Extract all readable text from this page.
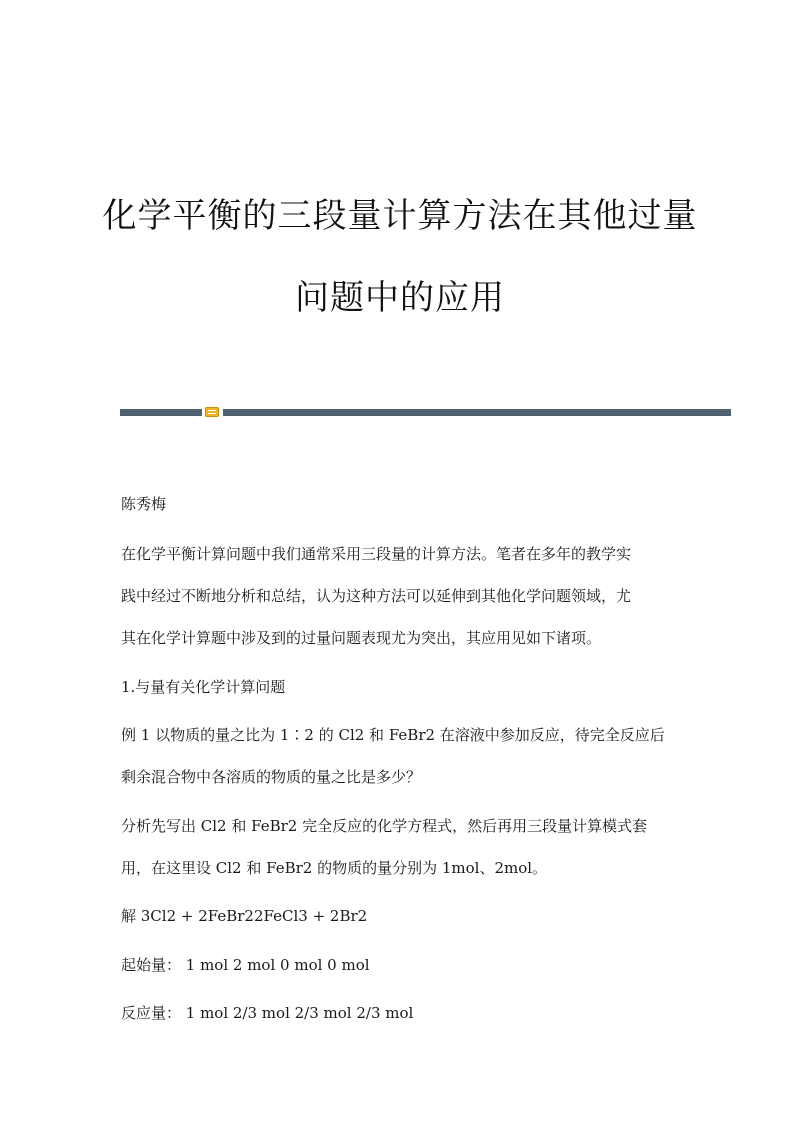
化学平衡的三段量计算方法在其他过量
问题中的应用
陈秀梅
在化学平衡计算问题中我们通常采用三段量的计算方法。笔者在多年的教学实
践中经过不断地分析和总结，认为这种方法可以延伸到其他化学问题领域，尤
其在化学计算题中涉及到的过量问题表现尤为突出，其应用见如下诸项。
1.与量有关化学计算问题
例 1 以物质的量之比为 1∶2 的 Cl2 和 FeBr2 在溶液中参加反应，待完全反应后
剩余混合物中各溶质的物质的量之比是多少？
分析先写出 Cl2 和 FeBr2 完全反应的化学方程式，然后再用三段量计算模式套
用，在这里设 Cl2 和 FeBr2 的物质的量分别为 1mol、2mol。
解 3Cl2 + 2FeBr22FeCl3 + 2Br2
起始量： 1 mol 2 mol 0 mol 0 mol
反应量： 1 mol 2/3 mol 2/3 mol 2/3 mol
